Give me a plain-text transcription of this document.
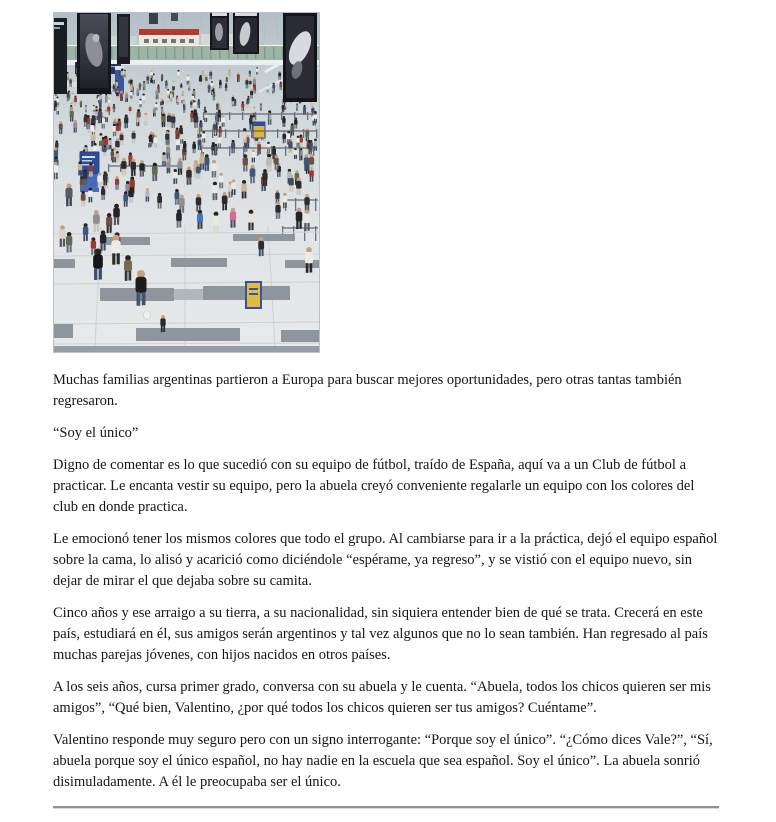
Muchas familias argentinas partieron a Europa para buscar mejores oportunidades, pero otras tantas también regresaron.

“Soy el único”

Digno de comentar es lo que sucedió con su equipo de fútbol, traído de España, aquí va a un Club de fútbol a practicar. Le encanta vestir su equipo, pero la abuela creyó conveniente regalarle un equipo con los colores del club en donde practica.

Le emocionó tener los mismos colores que todo el grupo. Al cambiarse para ir a la práctica, dejó el equipo español sobre la cama, lo alisó y acarició como diciéndole “espérame, ya regreso”, y se vistió con el equipo nuevo, sin dejar de mirar el que dejaba sobre su camita.

Cinco años y ese arraigo a su tierra, a su nacionalidad, sin siquiera entender bien de qué se trata. Crecerá en este país, estudiará en él, sus amigos serán argentinos y tal vez algunos que no lo sean también. Han regresado al país muchas parejas jóvenes, con hijos nacidos en otros países.

A los seis años, cursa primer grado, conversa con su abuela y le cuenta. “Abuela, todos los chicos quieren ser mis amigos”, “Qué bien, Valentino, ¿por qué todos los chicos quieren ser tus amigos? Cuéntame”.

Valentino responde muy seguro pero con un signo interrogante: “Porque soy el único”. “¿Cómo dices Vale?”, “Sí, abuela porque soy el único español, no hay nadie en la escuela que sea español. Soy el único”. La abuela sonrió disimuladamente. A él le preocupaba ser el único.
